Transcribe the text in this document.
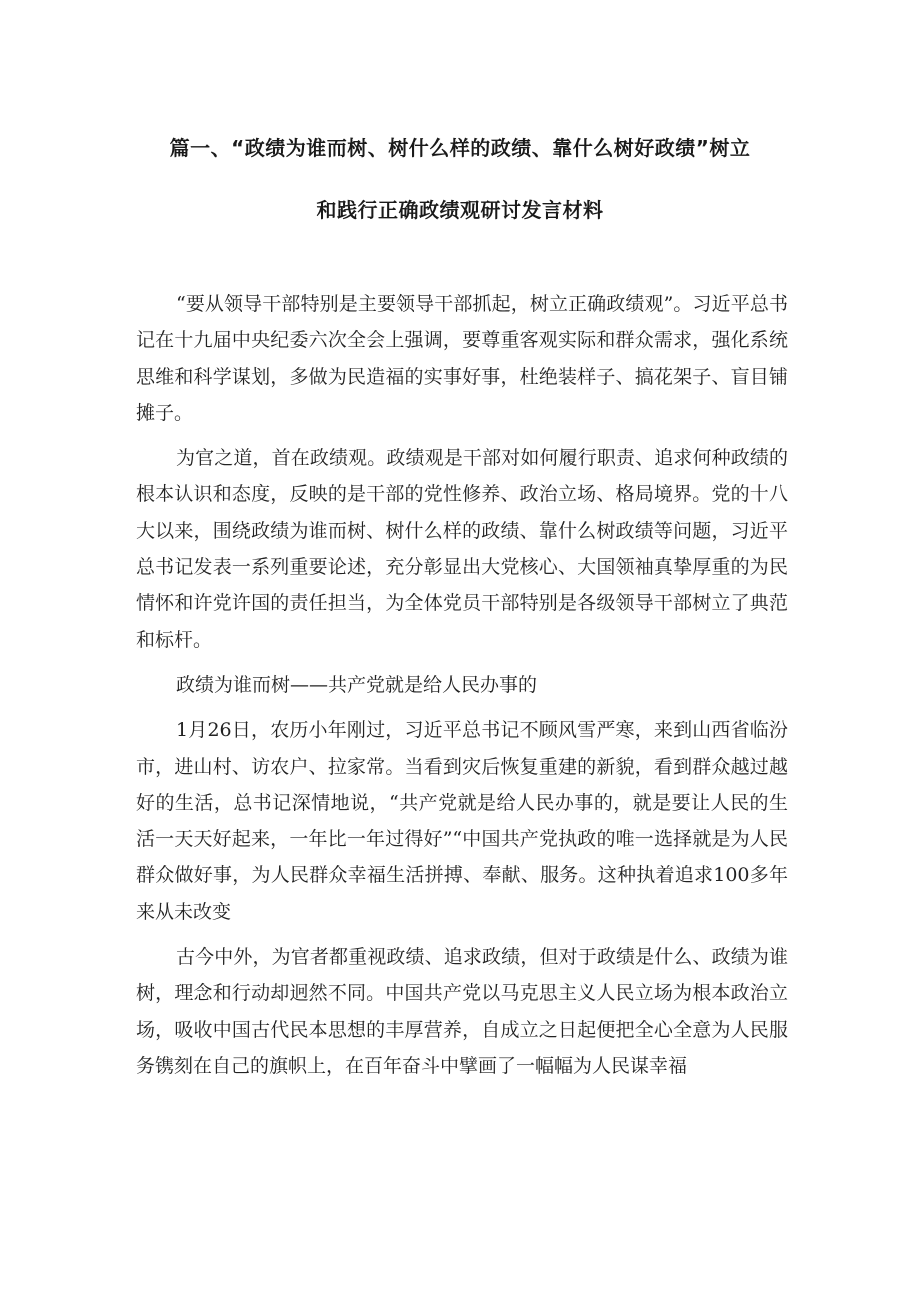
篇一、“政绩为谁而树、树什么样的政绩、靠什么树好政绩”树立
和践行正确政绩观研讨发言材料

“要从领导干部特别是主要领导干部抓起，树立正确政绩观”。习近平总书记在十九届中央纪委六次全会上强调，要尊重客观实际和群众需求，强化系统思维和科学谋划，多做为民造福的实事好事，杜绝装样子、搞花架子、盲目铺摊子。

为官之道，首在政绩观。政绩观是干部对如何履行职责、追求何种政绩的根本认识和态度，反映的是干部的党性修养、政治立场、格局境界。党的十八大以来，围绕政绩为谁而树、树什么样的政绩、靠什么树政绩等问题，习近平总书记发表一系列重要论述，充分彰显出大党核心、大国领袖真挚厚重的为民情怀和许党许国的责任担当，为全体党员干部特别是各级领导干部树立了典范和标杆。

政绩为谁而树——共产党就是给人民办事的

1月26日，农历小年刚过，习近平总书记不顾风雪严寒，来到山西省临汾市，进山村、访农户、拉家常。当看到灾后恢复重建的新貌，看到群众越过越好的生活，总书记深情地说，“共产党就是给人民办事的，就是要让人民的生活一天天好起来，一年比一年过得好”“中国共产党执政的唯一选择就是为人民群众做好事，为人民群众幸福生活拼搏、奉献、服务。这种执着追求100多年来从未改变

古今中外，为官者都重视政绩、追求政绩，但对于政绩是什么、政绩为谁树，理念和行动却迥然不同。中国共产党以马克思主义人民立场为根本政治立场，吸收中国古代民本思想的丰厚营养，自成立之日起便把全心全意为人民服务镌刻在自己的旗帜上，在百年奋斗中擘画了一幅幅为人民谋幸福
